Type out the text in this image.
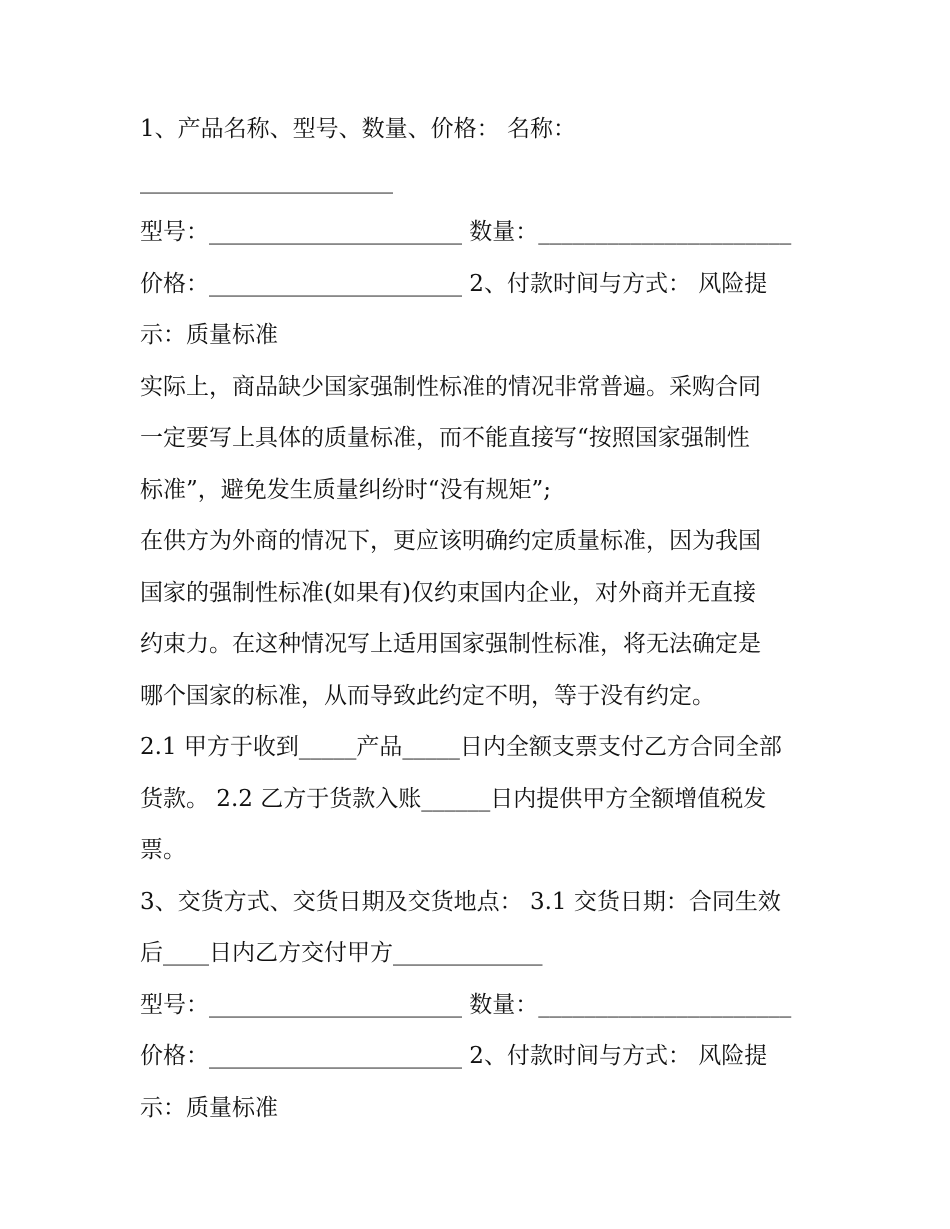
1、产品名称、型号、数量、价格： 名称：
______________________
型号：______________________ 数量：______________________
价格：______________________ 2、付款时间与方式： 风险提
示：质量标准
实际上，商品缺少国家强制性标准的情况非常普遍。采购合同
一定要写上具体的质量标准，而不能直接写“按照国家强制性
标准”，避免发生质量纠纷时“没有规矩”;
在供方为外商的情况下，更应该明确约定质量标准，因为我国
国家的强制性标准(如果有)仅约束国内企业，对外商并无直接
约束力。在这种情况写上适用国家强制性标准，将无法确定是
哪个国家的标准，从而导致此约定不明，等于没有约定。
2.1 甲方于收到_____产品_____日内全额支票支付乙方合同全部
货款。 2.2 乙方于货款入账______日内提供甲方全额增值税发
票。
3、交货方式、交货日期及交货地点： 3.1 交货日期：合同生效
后____日内乙方交付甲方_____________
型号：______________________ 数量：______________________
价格：______________________ 2、付款时间与方式： 风险提
示：质量标准
